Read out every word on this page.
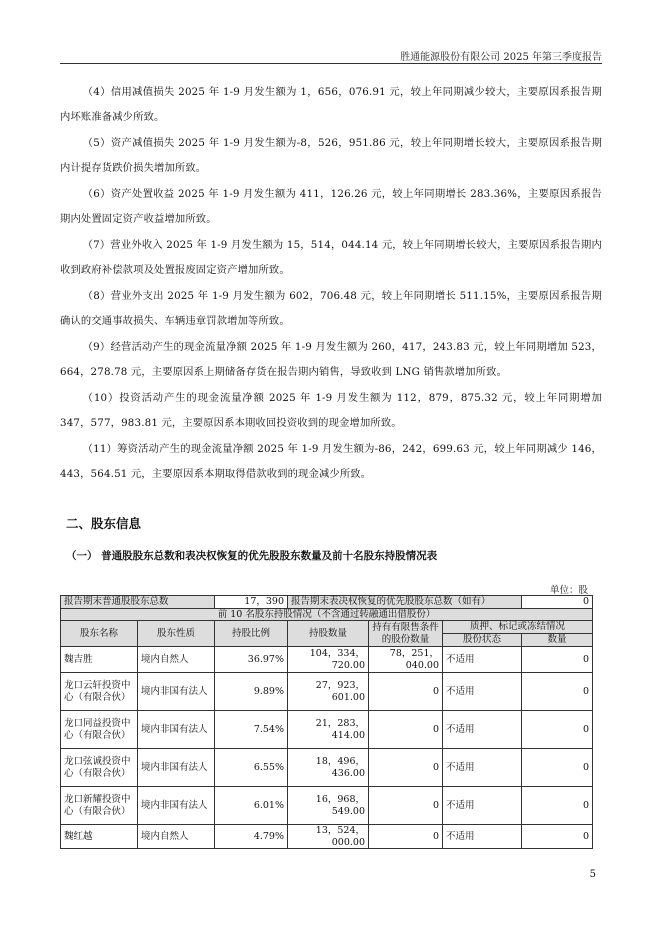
胜通能源股份有限公司 2025 年第三季度报告

（4）信用减值损失 2025 年 1-9 月发生额为 1，656，076.91 元，较上年同期减少较大，主要原因系报告期内坏账准备减少所致。

（5）资产减值损失 2025 年 1-9 月发生额为-8，526，951.86 元，较上年同期增长较大，主要原因系报告期内计提存货跌价损失增加所致。

（6）资产处置收益 2025 年 1-9 月发生额为 411，126.26 元，较上年同期增长 283.36%，主要原因系报告期内处置固定资产收益增加所致。

（7）营业外收入 2025 年 1-9 月发生额为 15，514，044.14 元，较上年同期增长较大，主要原因系报告期内收到政府补偿款项及处置报废固定资产增加所致。

（8）营业外支出 2025 年 1-9 月发生额为 602，706.48 元，较上年同期增长 511.15%，主要原因系报告期确认的交通事故损失、车辆违章罚款增加等所致。

（9）经营活动产生的现金流量净额 2025 年 1-9 月发生额为 260，417，243.83 元，较上年同期增加 523，664，278.78 元，主要原因系上期储备存货在报告期内销售，导致收到 LNG 销售款增加所致。

（10）投资活动产生的现金流量净额 2025 年 1-9 月发生额为 112，879，875.32 元，较上年同期增加 347，577，983.81 元，主要原因系本期收回投资收到的现金增加所致。

（11）筹资活动产生的现金流量净额 2025 年 1-9 月发生额为-86，242，699.63 元，较上年同期减少 146，443，564.51 元，主要原因系本期取得借款收到的现金减少所致。

二、股东信息
（一） 普通股股东总数和表决权恢复的优先股股东数量及前十名股东持股情况表
单位：股
报告期末普通股股东总数		17，390	报告期末表决权恢复的优先股股东总数（如有）			0
前 10 名股东持股情况（不含通过转融通出借股份）						
股东名称	股东性质	持股比例	持股数量	持有有限售条件的股份数量	质押、标记或冻结情况	
					股份状态	数量
魏吉胜	境内自然人	36.97%	104，334，720.00	78，251，040.00	不适用	0
龙口云轩投资中心（有限合伙）	境内非国有法人	9.89%	27，923，601.00	0	不适用	0
龙口同益投资中心（有限合伙）	境内非国有法人	7.54%	21，283，414.00	0	不适用	0
龙口弦诚投资中心（有限合伙）	境内非国有法人	6.55%	18，496，436.00	0	不适用	0
龙口新耀投资中心（有限合伙）	境内非国有法人	6.01%	16，968，549.00	0	不适用	0
魏红越	境内自然人	4.79%	13，524，000.00	0	不适用	0
5
